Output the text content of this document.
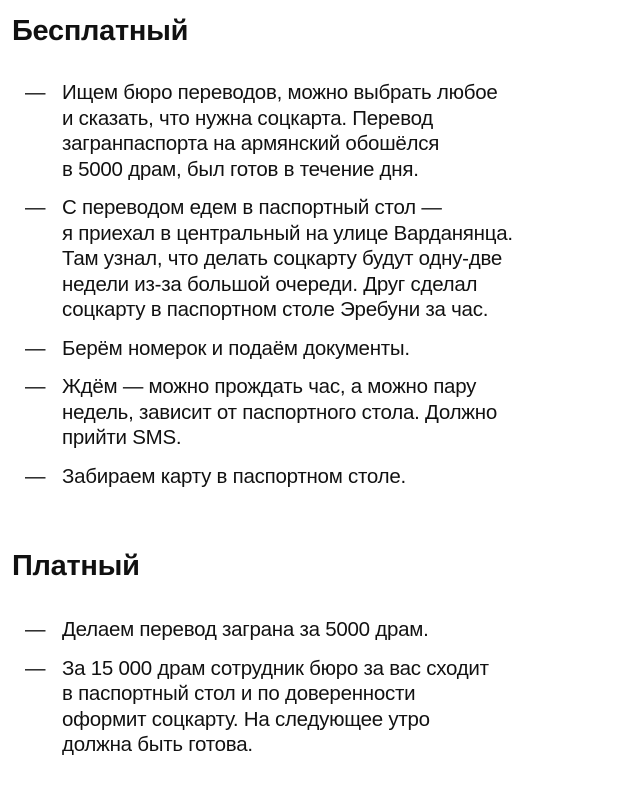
Бесплатный
— Ищем бюро переводов, можно выбрать любое
и сказать, что нужна соцкарта. Перевод
загранпаспорта на армянский обошёлся
в 5000 драм, был готов в течение дня.
— С переводом едем в паспортный стол —
я приехал в центральный на улице Варданянца.
Там узнал, что делать соцкарту будут одну-две
недели из-за большой очереди. Друг сделал
соцкарту в паспортном столе Эребуни за час.
— Берём номерок и подаём документы.
— Ждём — можно прождать час, а можно пару
недель, зависит от паспортного стола. Должно
прийти SMS.
— Забираем карту в паспортном столе.
Платный
— Делаем перевод заграна за 5000 драм.
— За 15 000 драм сотрудник бюро за вас сходит
в паспортный стол и по доверенности
оформит соцкарту. На следующее утро
должна быть готова.
